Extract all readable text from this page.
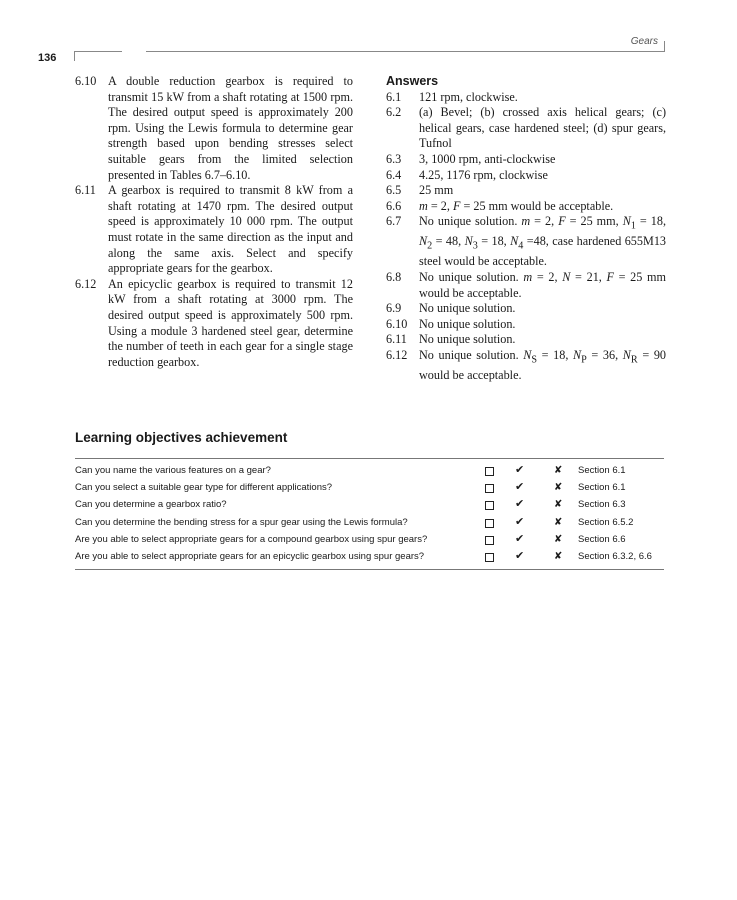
136
Gears
6.10 A double reduction gearbox is required to transmit 15 kW from a shaft rotating at 1500 rpm. The desired output speed is approximately 200 rpm. Using the Lewis formula to determine gear strength based upon bending stresses select suitable gears from the limited selection presented in Tables 6.7–6.10.
6.11 A gearbox is required to transmit 8 kW from a shaft rotating at 1470 rpm. The desired output speed is approximately 10 000 rpm. The output must rotate in the same direction as the input and along the same axis. Select and specify appropriate gears for the gearbox.
6.12 An epicyclic gearbox is required to transmit 12 kW from a shaft rotating at 3000 rpm. The desired output speed is approximately 500 rpm. Using a module 3 hardened steel gear, determine the number of teeth in each gear for a single stage reduction gearbox.
Answers
6.1	121 rpm, clockwise.
6.2	(a) Bevel; (b) crossed axis helical gears; (c) helical gears, case hardened steel; (d) spur gears, Tufnol
6.3	3, 1000 rpm, anti-clockwise
6.4	4.25, 1176 rpm, clockwise
6.5	25 mm
6.6	m = 2, F = 25 mm would be acceptable.
6.7	No unique solution. m = 2, F = 25 mm, $N_1 = 18$, $N_2 = 48$, $N_3 = 18$, $N_4 =48$, case hardened 655M13 steel would be acceptable.
6.8	No unique solution. m = 2, N = 21, F = 25 mm would be acceptable.
6.9	No unique solution.
6.10 No unique solution.
6.11 No unique solution.
6.12 No unique solution. $N_S = 18$, $N_P = 36$, $N_R = 90$ would be acceptable.
Learning objectives achievement
Can you name the various features on a gear?	✔	✘ Section 6.1
Can you select a suitable gear type for different applications?	✔	✘ Section 6.1
Can you determine a gearbox ratio?	✔	✘ Section 6.3
Can you determine the bending stress for a spur gear using the Lewis formula?	✔	✘ Section 6.5.2
Are you able to select appropriate gears for a compound gearbox using spur gears?	✔	✘ Section 6.6
Are you able to select appropriate gears for an epicyclic gearbox using spur gears?	✔	✘ Section 6.3.2, 6.6
